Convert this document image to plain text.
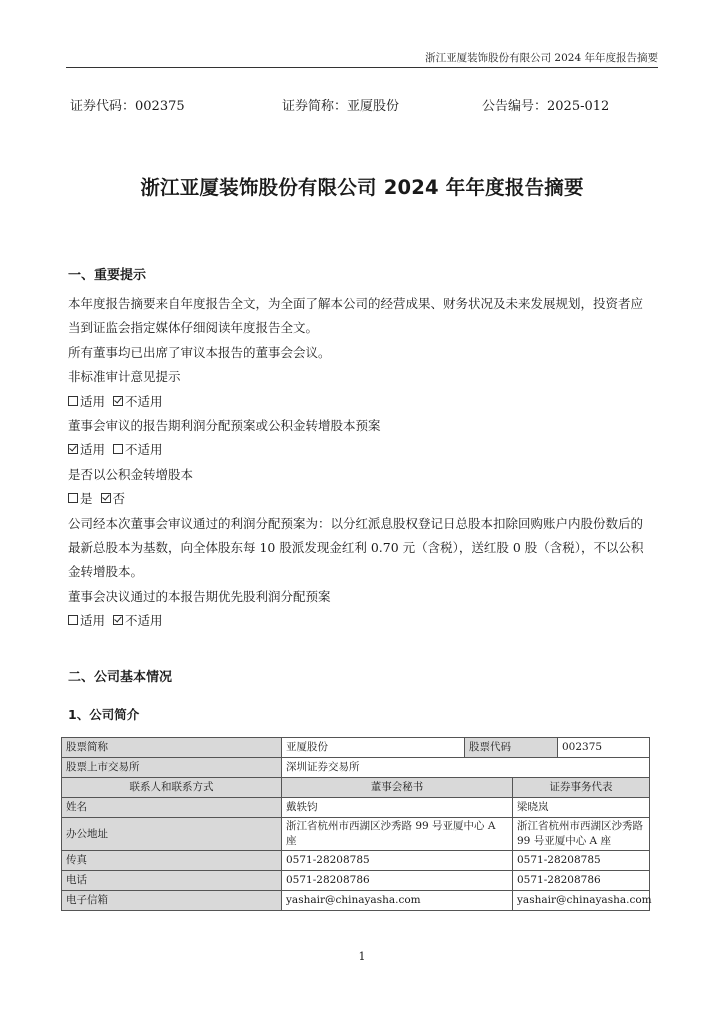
浙江亚厦装饰股份有限公司 2024 年年度报告摘要
证券代码：002375	证券简称：亚厦股份	公告编号：2025-012
浙江亚厦装饰股份有限公司 2024 年年度报告摘要
一、重要提示

本年度报告摘要来自年度报告全文，为全面了解本公司的经营成果、财务状况及未来发展规划，投资者应当到证监会指定媒体仔细阅读年度报告全文。

所有董事均已出席了审议本报告的董事会会议。

非标准审计意见提示

适用 不适用

董事会审议的报告期利润分配预案或公积金转增股本预案

适用 不适用

是否以公积金转增股本

是 否

公司经本次董事会审议通过的利润分配预案为：以分红派息股权登记日总股本扣除回购账户内股份数后的最新总股本为基数，向全体股东每 10 股派发现金红利 0.70 元（含税），送红股 0 股（含税），不以公积金转增股本。

董事会决议通过的本报告期优先股利润分配预案

适用 不适用

二、公司基本情况
1、公司简介
股票简称	亚厦股份	股票代码		002375
股票上市交易所	深圳证券交易所			
联系人和联系方式	董事会秘书		证券事务代表	
姓名	戴轶钧		梁晓岚	
办公地址	浙江省杭州市西湖区沙秀路 99 号亚厦中心 A 座		浙江省杭州市西湖区沙秀路 99 号亚厦中心 A 座	
传真	0571-28208785		0571-28208785	
电话	0571-28208786		0571-28208786	
电子信箱	yashair@chinayasha.com		yashair@chinayasha.com	
1
